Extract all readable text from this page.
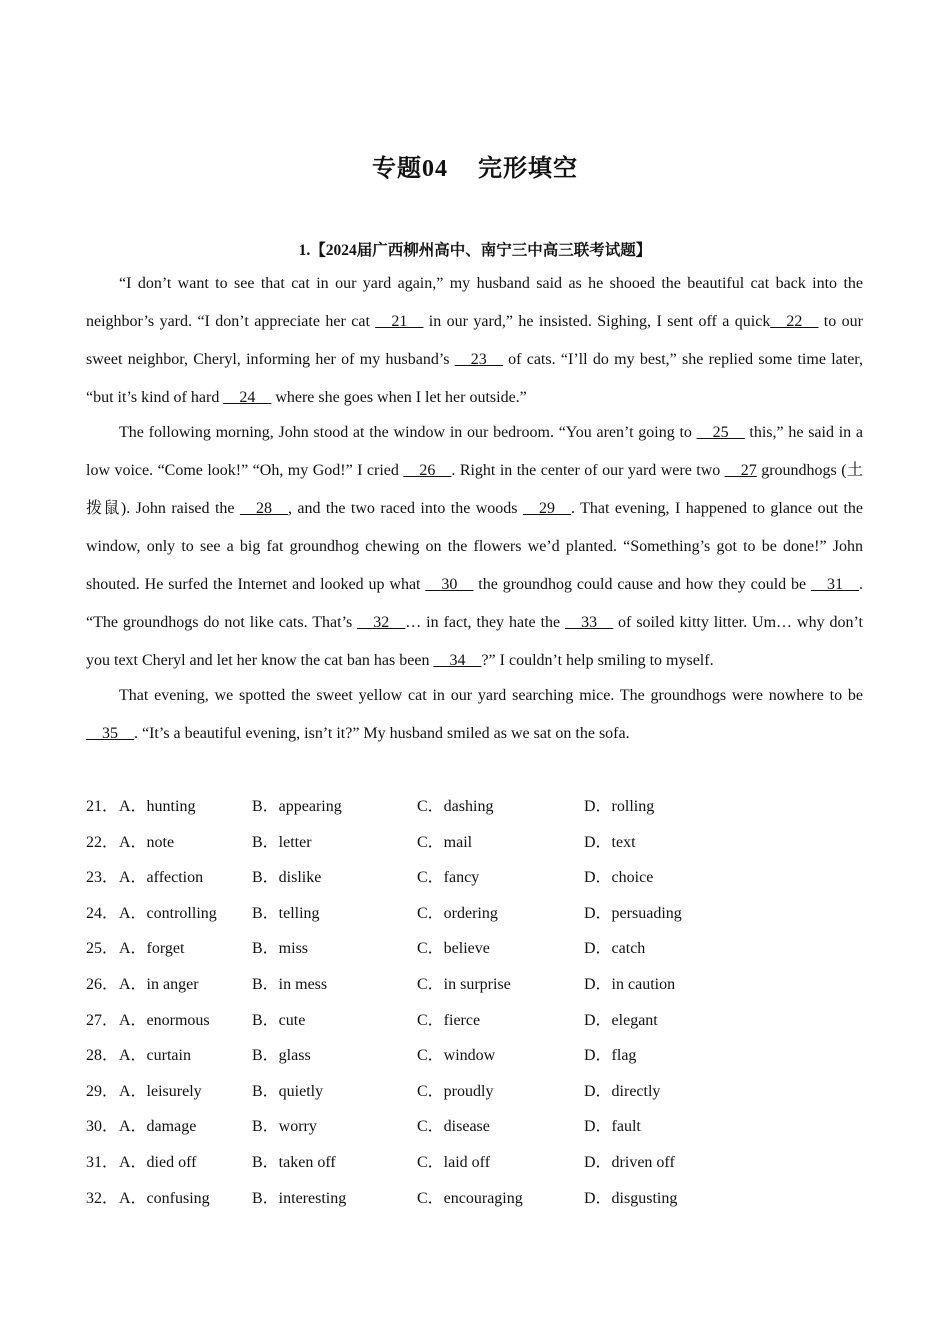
专题04 完形填空
1.【2024届广西柳州高中、南宁三中高三联考试题】

“I don’t want to see that cat in our yard again,” my husband said as he shooed the beautiful cat back into the neighbor’s yard. “I don’t appreciate her cat __21__ in our yard,” he insisted. Sighing, I sent off a quick__22__ to our sweet neighbor, Cheryl, informing her of my husband’s __23__ of cats. “I’ll do my best,” she replied some time later, “but it’s kind of hard __24__ where she goes when I let her outside.”

The following morning, John stood at the window in our bedroom. “You aren’t going to __25__ this,” he said in a low voice. “Come look!” “Oh, my God!” I cried __26__. Right in the center of our yard were two __27 groundhogs (土拨鼠). John raised the __28__, and the two raced into the woods __29__. That evening, I happened to glance out the window, only to see a big fat groundhog chewing on the flowers we’d planted. “Something’s got to be done!” John shouted. He surfed the Internet and looked up what __30__ the groundhog could cause and how they could be __31__. “The groundhogs do not like cats. That’s __32__… in fact, they hate the __33__ of soiled kitty litter. Um… why don’t you text Cheryl and let her know the cat ban has been __34__?” I couldn’t help smiling to myself.

That evening, we spotted the sweet yellow cat in our yard searching mice. The groundhogs were nowhere to be __35__. “It’s a beautiful evening, isn’t it?” My husband smiled as we sat on the sofa.

21． A．hunting	B．appearing	C．dashing	D．rolling
22． A．note	B．letter	C．mail	D．text
23． A．affection	B．dislike	C．fancy	D．choice
24． A．controlling B．telling	C．ordering	D．persuading
25． A．forget	B．miss	C．believe	D．catch
26． A．in anger	B．in mess	C．in surprise	D．in caution
27． A．enormous	B．cute	C．fierce	D．elegant
28． A．curtain	B．glass	C．window	D．flag
29． A．leisurely	B．quietly	C．proudly	D．directly
30． A．damage	B．worry	C．disease	D．fault
31． A．died off	B．taken off	C．laid off	D．driven off
32． A．confusing	B．interesting	C．encouraging	D．disgusting
